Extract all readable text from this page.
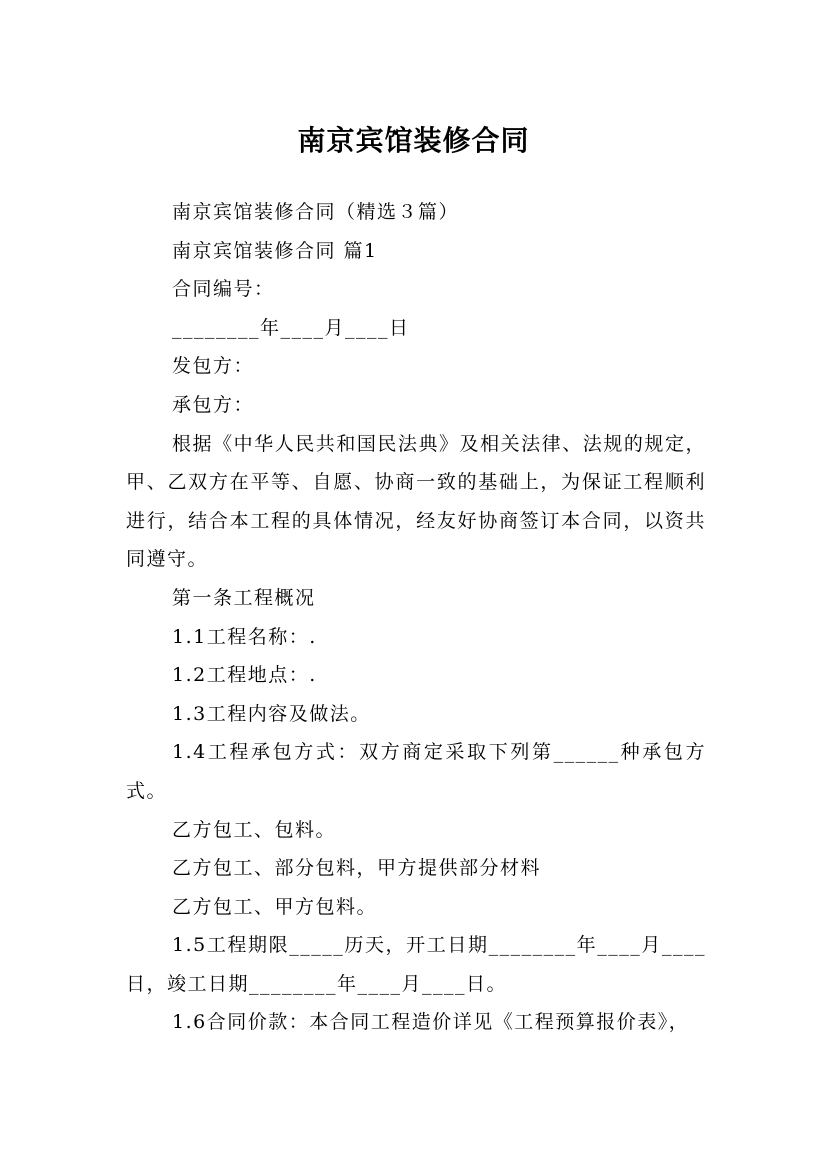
南京宾馆装修合同

南京宾馆装修合同（精选３篇）

南京宾馆装修合同 篇1

合同编号：

________年____月____日

发包方：

承包方：

根据《中华人民共和国民法典》及相关法律、法规的规定，甲、乙双方在平等、自愿、协商一致的基础上，为保证工程顺利进行，结合本工程的具体情况，经友好协商签订本合同，以资共同遵守。

第一条工程概况

1.1工程名称：.

1.2工程地点：.

1.3工程内容及做法。

1.4工程承包方式：双方商定采取下列第______种承包方式。

乙方包工、包料。

乙方包工、部分包料，甲方提供部分材料

乙方包工、甲方包料。

1.5工程期限_____历天，开工日期________年____月____日，竣工日期________年____月____日。

1.6合同价款：本合同工程造价详见《工程预算报价表》，
